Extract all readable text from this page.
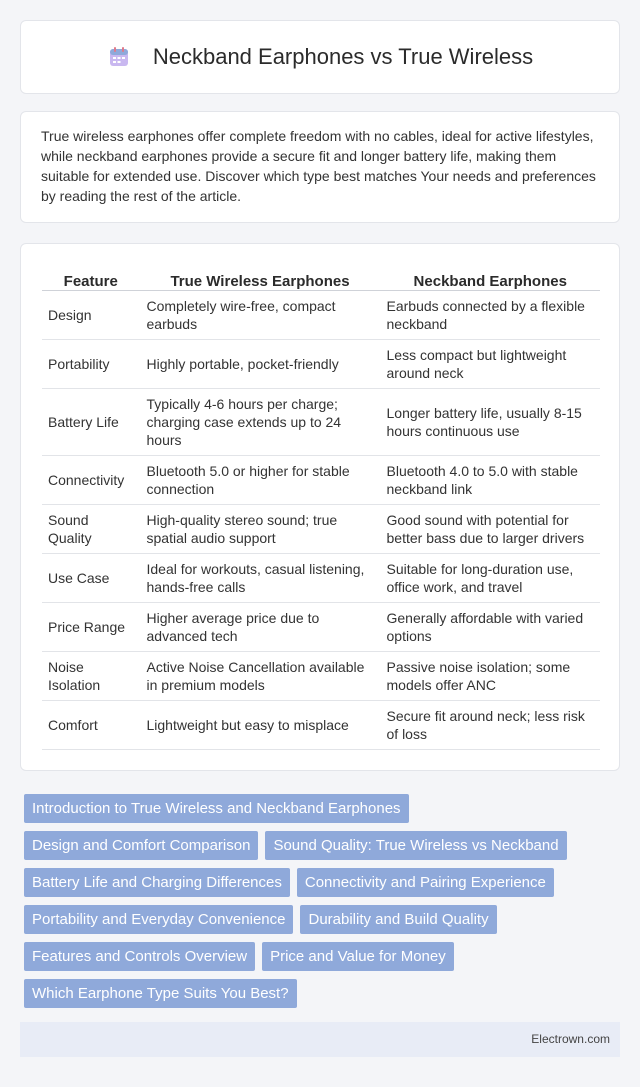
Neckband Earphones vs True Wireless

True wireless earphones offer complete freedom with no cables, ideal for active lifestyles, while neckband earphones provide a secure fit and longer battery life, making them suitable for extended use. Discover which type best matches Your needs and preferences by reading the rest of the article.

Feature	True Wireless Earphones	Neckband Earphones
Design	Completely wire-free, compact earbuds	Earbuds connected by a flexible neckband
Portability	Highly portable, pocket-friendly	Less compact but lightweight around neck
Battery Life	Typically 4-6 hours per charge; charging case extends up to 24 hours	Longer battery life, usually 8-15 hours continuous use
Connectivity	Bluetooth 5.0 or higher for stable connection	Bluetooth 4.0 to 5.0 with stable neckband link
Sound Quality	High-quality stereo sound; true spatial audio support	Good sound with potential for better bass due to larger drivers
Use Case	Ideal for workouts, casual listening, hands-free calls	Suitable for long-duration use, office work, and travel
Price Range	Higher average price due to advanced tech	Generally affordable with varied options
Noise Isolation	Active Noise Cancellation available in premium models	Passive noise isolation; some models offer ANC
Comfort	Lightweight but easy to misplace	Secure fit around neck; less risk of loss
Introduction to True Wireless and Neckband Earphones
Design and Comfort Comparison	Sound Quality: True Wireless vs Neckband
Battery Life and Charging Differences	Connectivity and Pairing Experience
Portability and Everyday Convenience	Durability and Build Quality
Features and Controls Overview	Price and Value for Money
Which Earphone Type Suits You Best?
Electrown.com
